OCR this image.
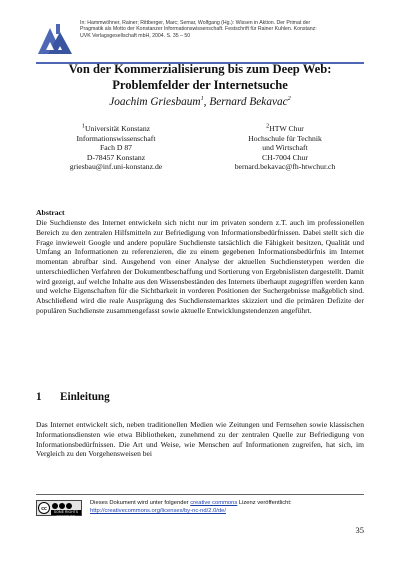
In: Hammwöhner, Rainer; Rittberger, Marc; Semar, Wolfgang (Hg.): Wissen in Aktion. Der Primat der
Pragmatik als Motto der Konstanzer Informationswissenschaft. Festschrift für Rainer Kuhlen. Konstanz:
UVK Verlagsgesellschaft mbH, 2004. S. 35 – 50
Von der Kommerzialisierung bis zum Deep Web:
Problemfelder der Internetsuche
Joachim Griesbaum$^1$, Bernard Bekavac$^2$
$^1$Universität Konstanz
Informationswissenschaft
Fach D 87
D-78457 Konstanz
griesbau@inf.uni-konstanz.de
$^2$HTW Chur
Hochschule für Technik
und Wirtschaft
CH-7004 Chur
bernard.bekavac@fh-htwchur.ch
Abstract

Die Suchdienste des Internet entwickeln sich nicht nur im privaten sondern z.T. auch im professionellen Bereich zu den zentralen Hilfsmitteln zur Befriedigung von Informationsbedürfnissen. Dabei stellt sich die Frage inwieweit Google und andere populäre Suchdienste tatsächlich die Fähigkeit besitzen, Qualität und Umfang an Informationen zu referenzieren, die zu einem gegebenen Informationsbedürfnis im Internet momentan abrufbar sind. Ausgehend von einer Analyse der aktuellen Suchdienstetypen werden die unterschiedlichen Verfahren der Dokumentbeschaffung und Sortierung von Ergebnislisten dargestellt. Damit wird gezeigt, auf welche Inhalte aus den Wissensbeständen des Internets überhaupt zugegriffen werden kann und welche Eigenschaften für die Sichtbarkeit in vorderen Positionen der Suchergebnisse maßgeblich sind. Abschließend wird die reale Ausprägung des Suchdienstemarktes skizziert und die primären Defizite der populären Suchdienste zusammengefasst sowie aktuelle Entwicklungstendenzen angeführt.

1 Einleitung

Das Internet entwickelt sich, neben traditionellen Medien wie Zeitungen und Fernsehen sowie klassischen Informationsdiensten wie etwa Bibliotheken, zunehmend zu der zentralen Quelle zur Befriedigung von Informationsbedürfnissen. Die Art und Weise, wie Menschen auf Informationen zugreifen, hat sich, im Vergleich zu den Vorgehensweisen bei

cc	SOME RIGHTS RESERVED
Dieses Dokument wird unter folgender creative commons Lizenz veröffentlicht:
http://creativecommons.org/licenses/by-nc-nd/2.0/de/
35
